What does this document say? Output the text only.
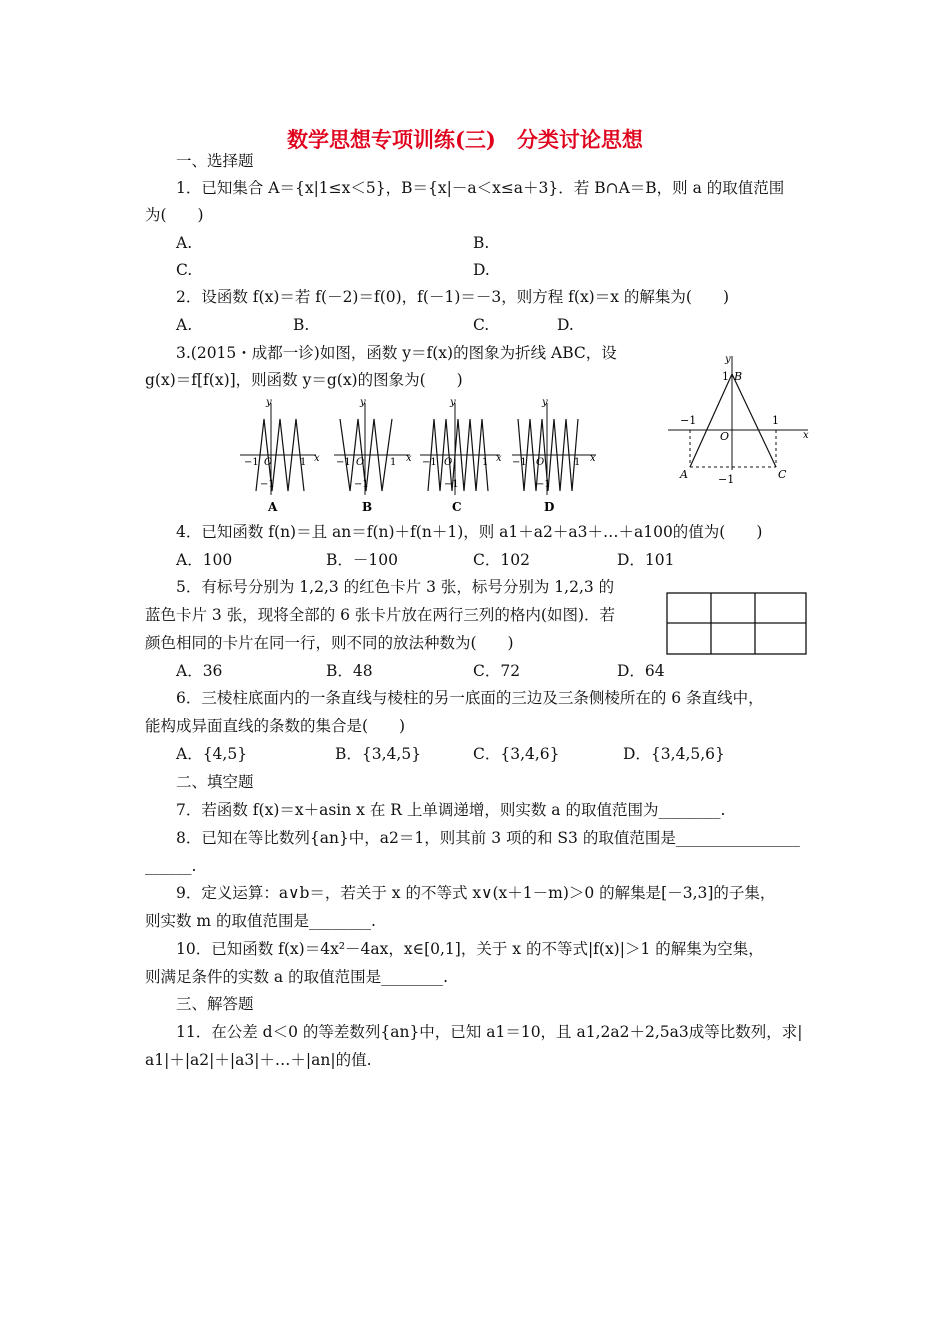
数学思想专项训练(三)　分类讨论思想
一、选择题
1．已知集合 A＝{x|1≤x＜5}，B＝{x|－a＜x≤a＋3}．若 B∩A＝B，则 a 的取值范围
为(　　)
A.	B.
C.	D.
2．设函数 f(x)＝若 f(－2)＝f(0)，f(－1)＝－3，则方程 f(x)＝x 的解集为(　　)
A.	B.	C.	D.
3.(2015・成都一诊)如图，函数 y＝f(x)的图象为折线 ABC，设
g(x)＝f[f(x)]，则函数 y＝g(x)的图象为(　　)
y
x
−1 O	1
−1
A
y
x
−1 O	1
−1
B
y
x
−1 O	1
−1
C
y
x
−1 O	1
−1
D
y
x
1 B
−1	1
O
A	C
−1
4．已知函数 f(n)＝且 an＝f(n)＋f(n＋1)，则 a1＋a2＋a3＋…＋a100的值为(　　)
A．100	B．－100	C．102	D．101
5．有标号分别为 1,2,3 的红色卡片 3 张，标号分别为 1,2,3 的
蓝色卡片 3 张，现将全部的 6 张卡片放在两行三列的格内(如图)．若
颜色相同的卡片在同一行，则不同的放法种数为(　　)
A．36	B．48	C．72	D．64
6．三棱柱底面内的一条直线与棱柱的另一底面的三边及三条侧棱所在的 6 条直线中，
能构成异面直线的条数的集合是(　　)
A．{4,5}	B．{3,4,5}	C．{3,4,6}	D．{3,4,5,6}
二、填空题
7．若函数 f(x)＝x＋asin x 在 R 上单调递增，则实数 a 的取值范围为________.
8．已知在等比数列{an}中，a2＝1，则其前 3 项的和 S3 的取值范围是________________
______.
9．定义运算：a∨b＝，若关于 x 的不等式 x∨(x＋1－m)＞0 的解集是[－3,3]的子集，
则实数 m 的取值范围是________.
10．已知函数 f(x)＝4x²－4ax，x∈[0,1]，关于 x 的不等式|f(x)|＞1 的解集为空集，
则满足条件的实数 a 的取值范围是________.
三、解答题
11．在公差 d＜0 的等差数列{an}中，已知 a1＝10，且 a1,2a2＋2,5a3成等比数列，求|
a1|＋|a2|＋|a3|＋…＋|an|的值.
